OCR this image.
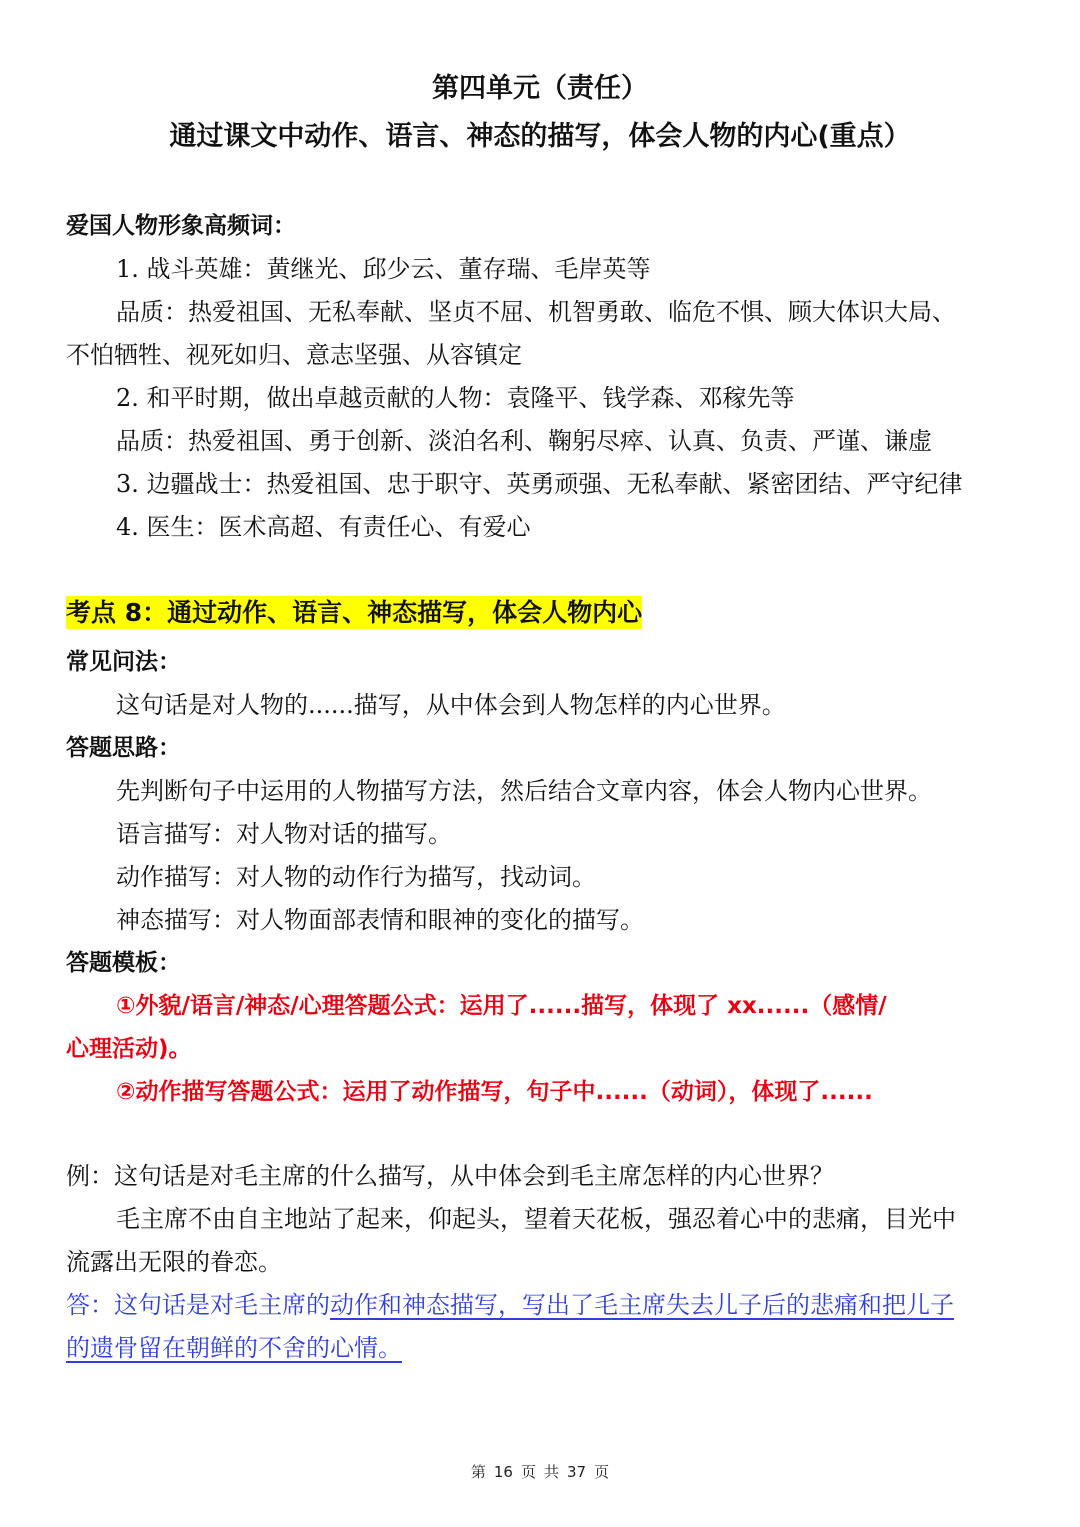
第四单元（责任）
通过课文中动作、语言、神态的描写，体会人物的内心(重点）
爱国人物形象高频词：
1. 战斗英雄：黄继光、邱少云、董存瑞、毛岸英等
品质：热爱祖国、无私奉献、坚贞不屈、机智勇敢、临危不惧、顾大体识大局、
不怕牺牲、视死如归、意志坚强、从容镇定
2. 和平时期，做出卓越贡献的人物：袁隆平、钱学森、邓稼先等
品质：热爱祖国、勇于创新、淡泊名利、鞠躬尽瘁、认真、负责、严谨、谦虚
3. 边疆战士：热爱祖国、忠于职守、英勇顽强、无私奉献、紧密团结、严守纪律
4. 医生：医术高超、有责任心、有爱心
考点 8：通过动作、语言、神态描写，体会人物内心
常见问法：
这句话是对人物的......描写，从中体会到人物怎样的内心世界。
答题思路：
先判断句子中运用的人物描写方法，然后结合文章内容，体会人物内心世界。
语言描写：对人物对话的描写。
动作描写：对人物的动作行为描写，找动词。
神态描写：对人物面部表情和眼神的变化的描写。
答题模板：
①外貌/语言/神态/心理答题公式：运用了......描写，体现了 xx......（感情/
心理活动)。
②动作描写答题公式：运用了动作描写，句子中......（动词），体现了......
例：这句话是对毛主席的什么描写，从中体会到毛主席怎样的内心世界？
毛主席不由自主地站了起来，仰起头，望着天花板，强忍着心中的悲痛，目光中
流露出无限的眷恋。
答：这句话是对毛主席的动作和神态描写，写出了毛主席失去儿子后的悲痛和把儿子
的遗骨留在朝鲜的不舍的心情。
第 16 页 共 37 页
